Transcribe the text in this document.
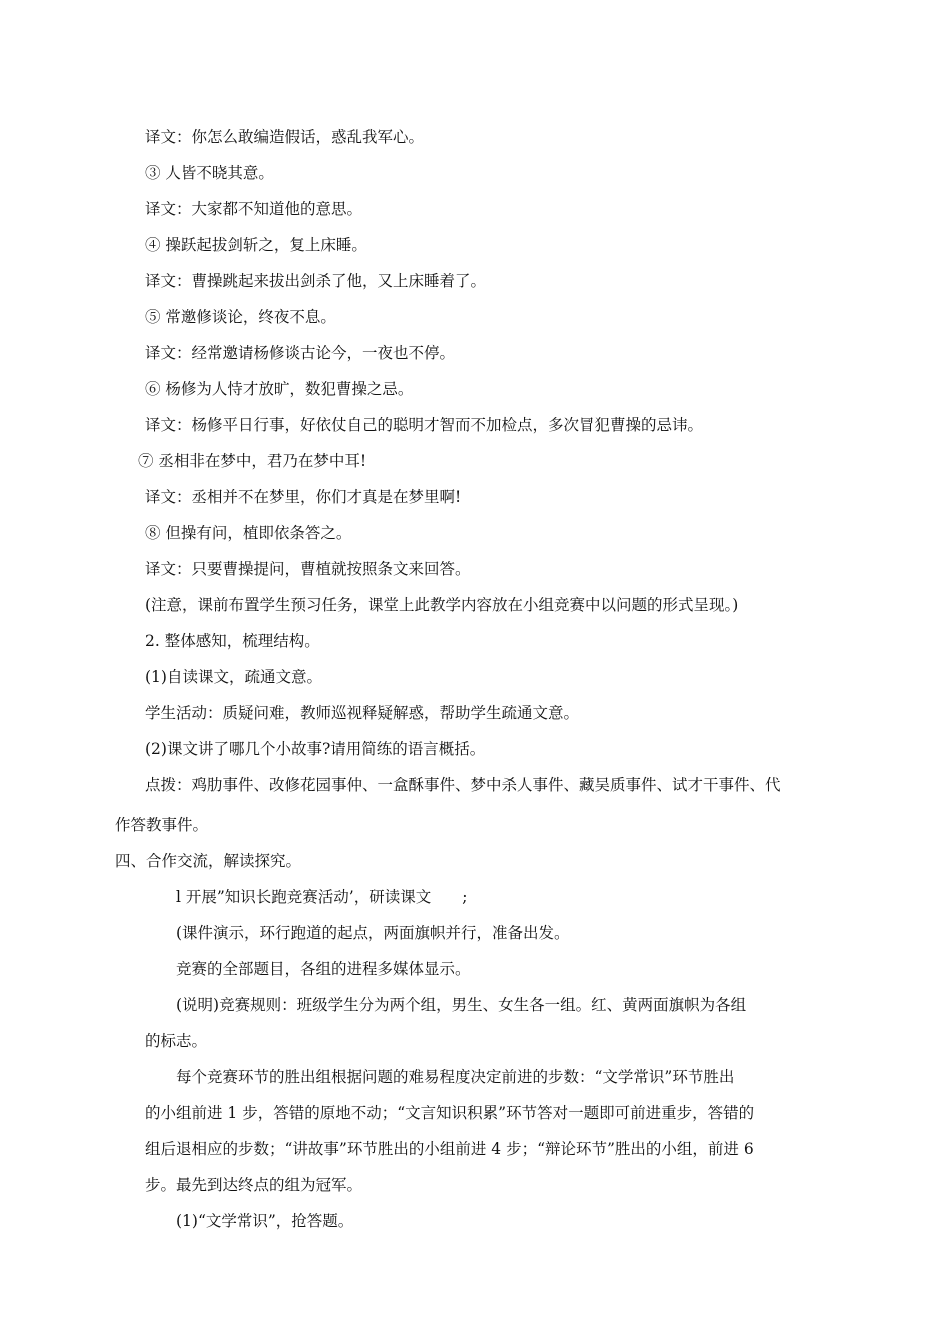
译文：你怎么敢编造假话，惑乱我军心。
③ 人皆不晓其意。
译文：大家都不知道他的意思。
④ 操跃起拔剑斩之，复上床睡。
译文：曹操跳起来拔出剑杀了他，又上床睡着了。
⑤ 常邀修谈论，终夜不息。
译文：经常邀请杨修谈古论今，一夜也不停。
⑥ 杨修为人恃才放旷，数犯曹操之忌。
译文：杨修平日行事，好依仗自己的聪明才智而不加检点，多次冒犯曹操的忌讳。
⑦ 丞相非在梦中，君乃在梦中耳!
译文：丞相并不在梦里，你们才真是在梦里啊!
⑧ 但操有问，植即依条答之。
译文：只要曹操提问，曹植就按照条文来回答。
(注意，课前布置学生预习任务，课堂上此教学内容放在小组竞赛中以问题的形式呈现。)
2. 整体感知，梳理结构。
(1)自读课文，疏通文意。
学生活动：质疑问难，教师巡视释疑解惑，帮助学生疏通文意。
(2)课文讲了哪几个小故事?请用简练的语言概括。
点拨：鸡肋事件、改修花园事仲、一盒酥事件、梦中杀人事件、藏吴质事件、试才干事件、代
作答教事件。
四、合作交流，解读探究。
l 开展”知识长跑竞赛活动’，研读课文　　;
(课件演示，环行跑道的起点，两面旗帜并行，准备出发。
竞赛的全部题目，各组的进程多媒体显示。
(说明)竞赛规则：班级学生分为两个组，男生、女生各一组。红、黄两面旗帜为各组
的标志。
每个竞赛环节的胜出组根据问题的难易程度决定前进的步数：“文学常识”环节胜出
的小组前进 1 步，答错的原地不动；“文言知识积累”环节答对一题即可前进重步，答错的
组后退相应的步数；“讲故事”环节胜出的小组前进 4 步；“辩论环节”胜出的小组，前进 6
步。最先到达终点的组为冠军。
(1)“文学常识”，抢答题。
